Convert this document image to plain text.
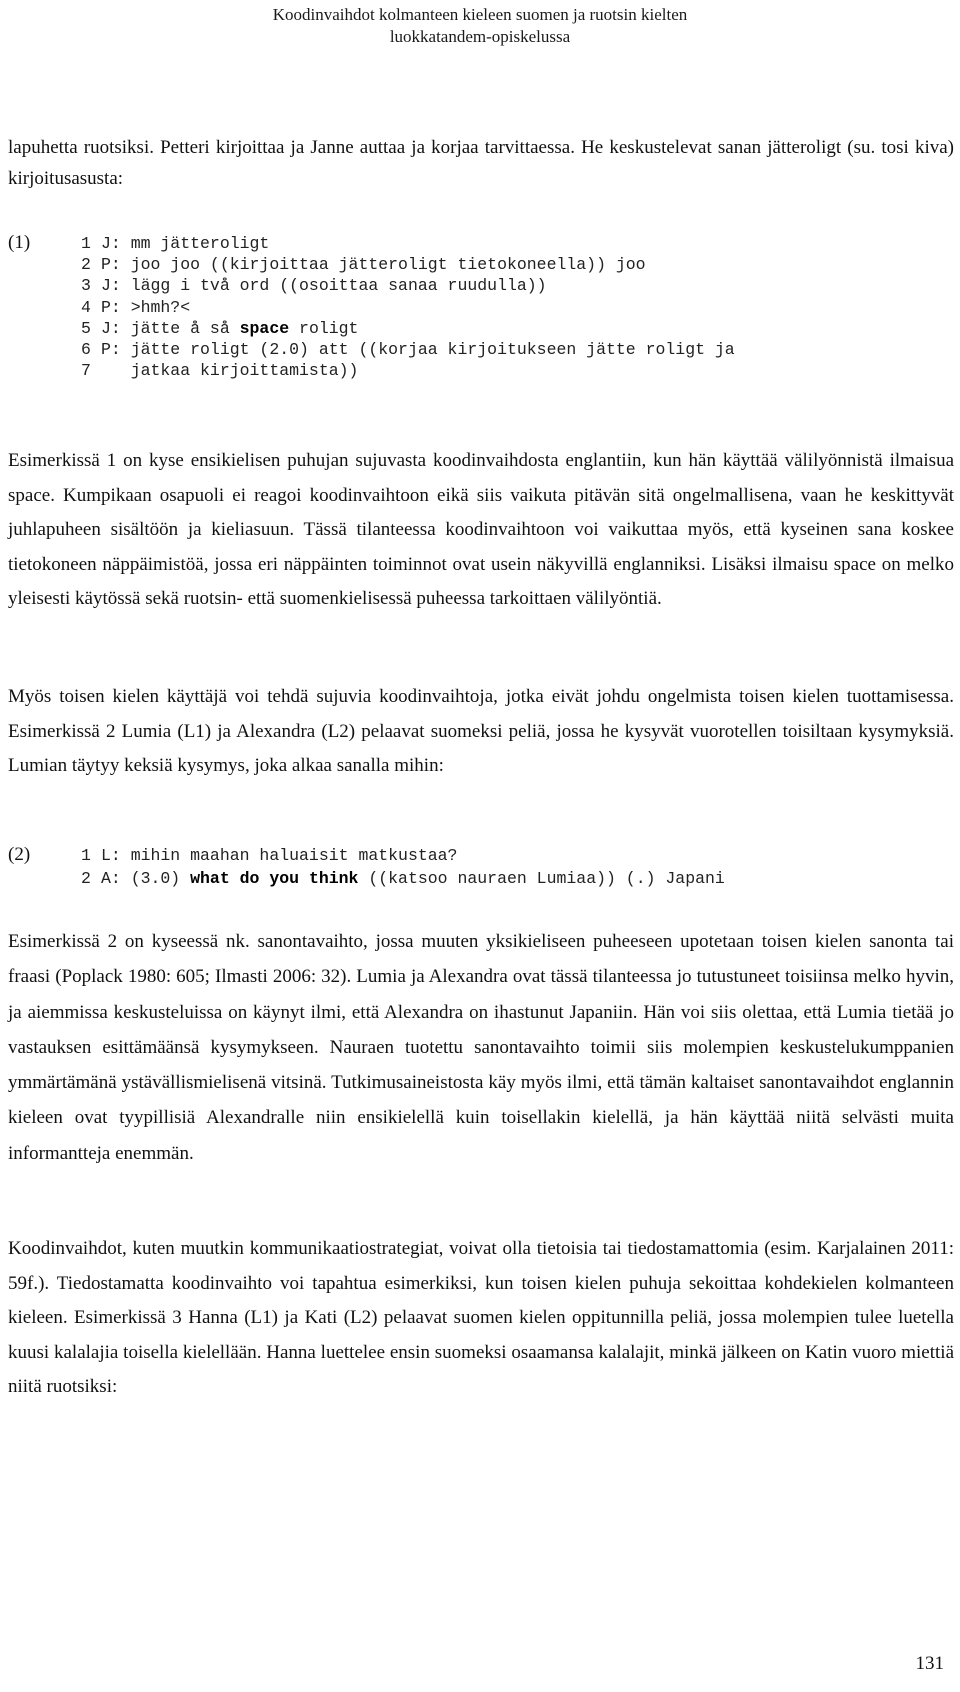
Koodinvaihdot kolmanteen kieleen suomen ja ruotsin kielten
luokkatandem-opiskelussa

lapuhetta ruotsiksi. Petteri kirjoittaa ja Janne auttaa ja korjaa tarvittaessa. He keskustelevat sanan jätteroligt (su. tosi kiva) kirjoitusasusta:

(1)	1 J: mm jätteroligt
2 P: joo joo ((kirjoittaa jätteroligt tietokoneella)) joo
3 J: lägg i två ord ((osoittaa sanaa ruudulla))
4 P: >hmh?<
5 J: jätte å så space roligt
6 P: jätte roligt (2.0) att ((korjaa kirjoitukseen jätte roligt ja
7   jatkaa kirjoittamista))

Esimerkissä 1 on kyse ensikielisen puhujan sujuvasta koodinvaihdosta englantiin, kun hän käyttää välilyönnistä ilmaisua space. Kumpikaan osapuoli ei reagoi koodinvaihtoon eikä siis vaikuta pitävän sitä ongelmallisena, vaan he keskittyvät juhlapuheen sisältöön ja kieliasuun. Tässä tilanteessa koodinvaihtoon voi vaikuttaa myös, että kyseinen sana koskee tietokoneen näppäimistöä, jossa eri näppäinten toiminnot ovat usein näkyvillä englanniksi. Lisäksi ilmaisu space on melko yleisesti käytössä sekä ruotsin- että suomenkielisessä puheessa tarkoittaen välilyöntiä.

Myös toisen kielen käyttäjä voi tehdä sujuvia koodinvaihtoja, jotka eivät johdu ongelmista toisen kielen tuottamisessa. Esimerkissä 2 Lumia (L1) ja Alexandra (L2) pelaavat suomeksi peliä, jossa he kysyvät vuorotellen toisiltaan kysymyksiä. Lumian täytyy keksiä kysymys, joka alkaa sanalla mihin:

(2)	1 L: mihin maahan haluaisit matkustaa?
2 A: (3.0) what do you think ((katsoo nauraen Lumiaa)) (.) Japani

Esimerkissä 2 on kyseessä nk. sanontavaihto, jossa muuten yksikieliseen puheeseen upotetaan toisen kielen sanonta tai fraasi (Poplack 1980: 605; Ilmasti 2006: 32). Lumia ja Alexandra ovat tässä tilanteessa jo tutustuneet toisiinsa melko hyvin, ja aiemmissa keskusteluissa on käynyt ilmi, että Alexandra on ihastunut Japaniin. Hän voi siis olettaa, että Lumia tietää jo vastauksen esittämäänsä kysymykseen. Nauraen tuotettu sanontavaihto toimii siis molempien keskustelukumppanien ymmärtämänä ystävällismielisenä vitsinä. Tutkimusaineistosta käy myös ilmi, että tämän kaltaiset sanontavaihdot englannin kieleen ovat tyypillisiä Alexandralle niin ensikielellä kuin toisellakin kielellä, ja hän käyttää niitä selvästi muita informantteja enemmän.

Koodinvaihdot, kuten muutkin kommunikaatiostrategiat, voivat olla tietoisia tai tiedostamattomia (esim. Karjalainen 2011: 59f.). Tiedostamatta koodinvaihto voi tapahtua esimerkiksi, kun toisen kielen puhuja sekoittaa kohdekielen kolmanteen kieleen. Esimerkissä 3 Hanna (L1) ja Kati (L2) pelaavat suomen kielen oppitunnilla peliä, jossa molempien tulee luetella kuusi kalalajia toisella kielellään. Hanna luettelee ensin suomeksi osaamansa kalalajit, minkä jälkeen on Katin vuoro miettiä niitä ruotsiksi:

131
